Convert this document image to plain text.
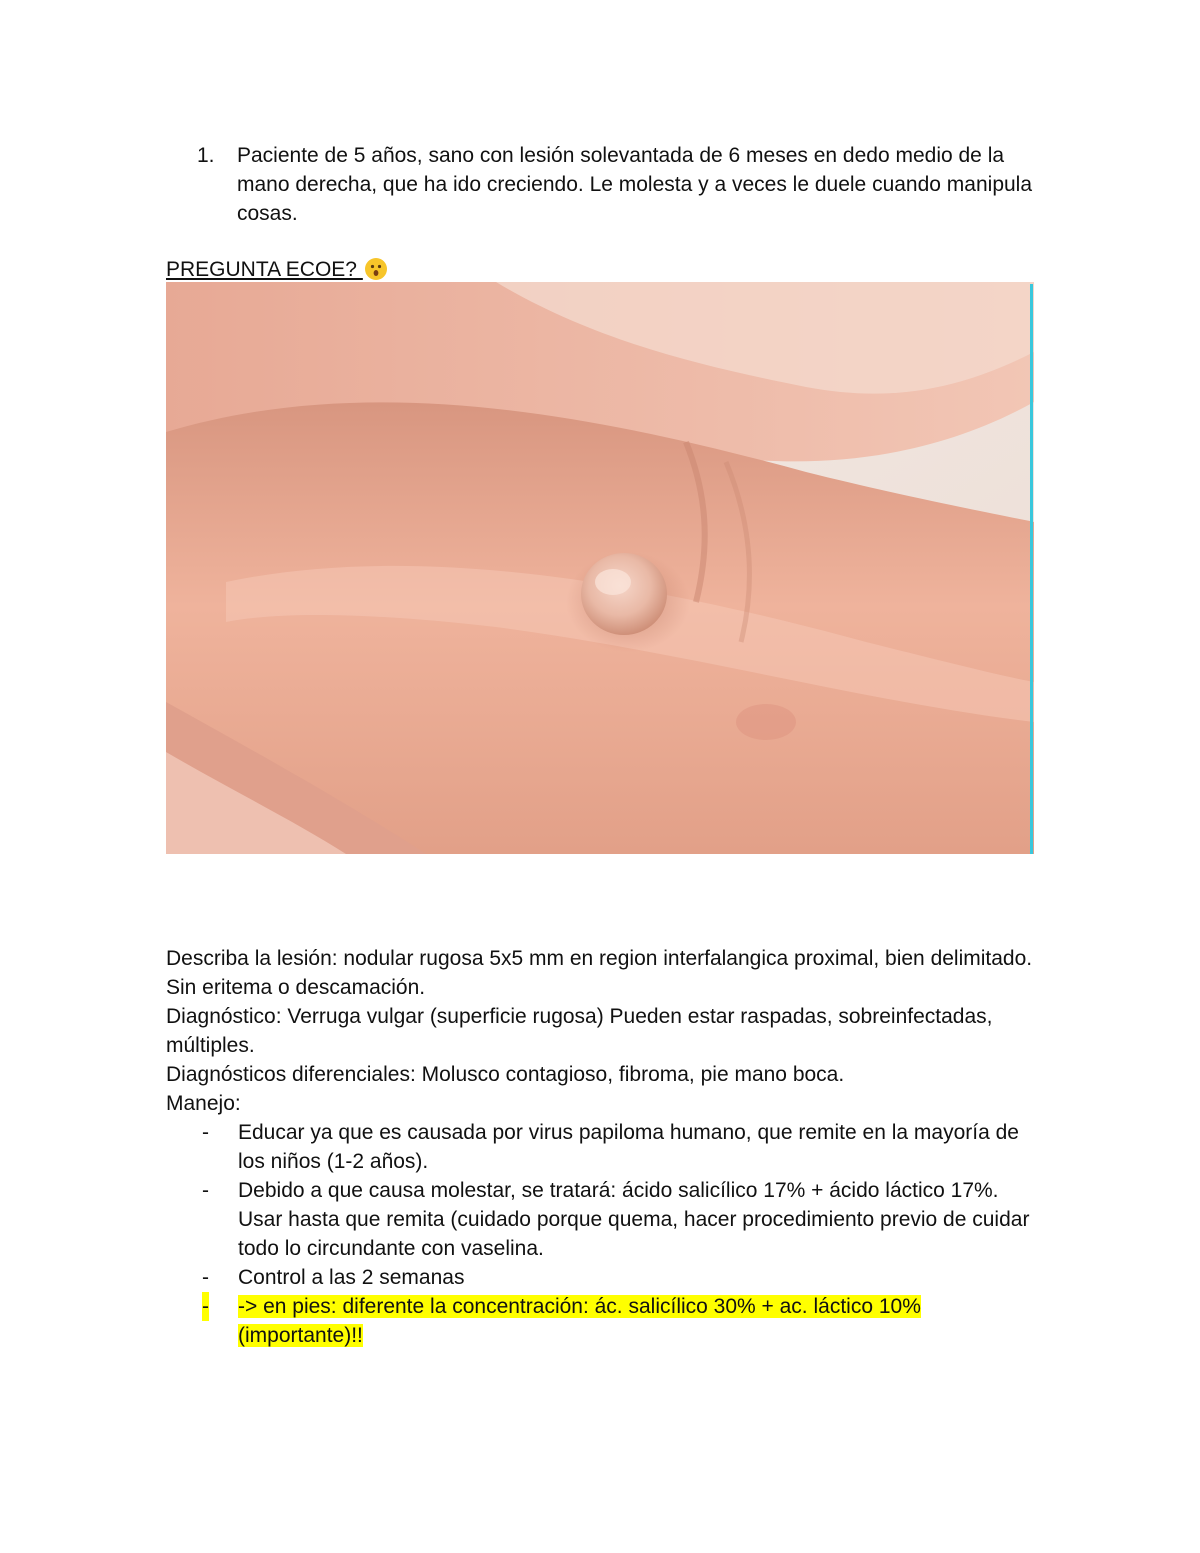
1.	Paciente de 5 años, sano con lesión solevantada de 6 meses en dedo medio de la mano derecha, que ha ido creciendo. Le molesta y a veces le duele cuando manipula cosas.
PREGUNTA ECOE?

Describa la lesión: nodular rugosa 5x5 mm en region interfalangica proximal, bien delimitado. Sin eritema o descamación.

Diagnóstico: Verruga vulgar (superficie rugosa) Pueden estar raspadas, sobreinfectadas, múltiples.

Diagnósticos diferenciales: Molusco contagioso, fibroma, pie mano boca.

Manejo:

- Educar ya que es causada por virus papiloma humano, que remite en la mayoría de los niños (1-2 años).
- Debido a que causa molestar, se tratará: ácido salicílico 17% + ácido láctico 17%. Usar hasta que remita (cuidado porque quema, hacer procedimiento previo de cuidar todo lo circundante con vaselina.
- Control a las 2 semanas
- -> en pies: diferente la concentración: ác. salicílico 30% + ac. láctico 10% (importante)!!
